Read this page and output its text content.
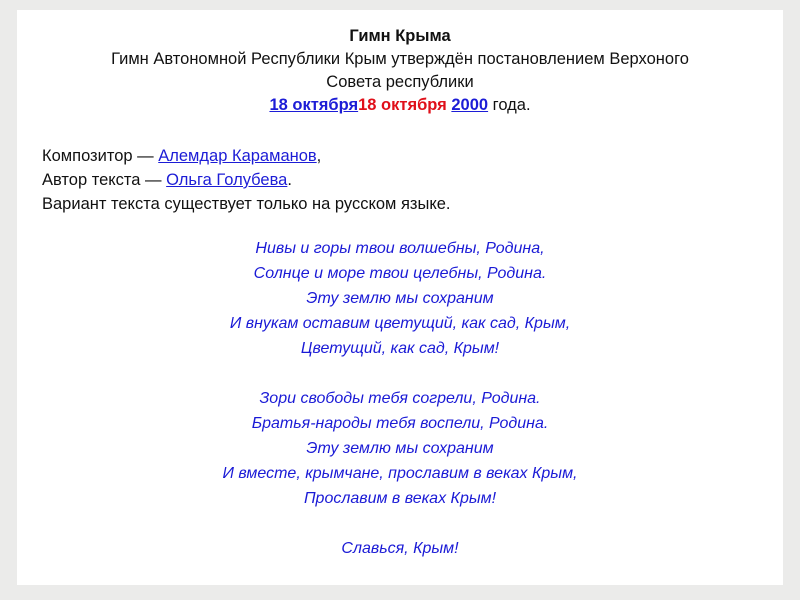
Гимн Крыма
Гимн Автономной Республики Крым утверждён постановлением Верхоного
Совета республики
18 октября18 октября 2000 года.
Композитор — Алемдар Караманов,
Автор текста — Ольга Голубева.
Вариант текста существует только на русском языке.
Нивы и горы твои волшебны, Родина,
Солнце и море твои целебны, Родина.
Эту землю мы сохраним
И внукам оставим цветущий, как сад, Крым,
Цветущий, как сад, Крым!
Зори свободы тебя согрели, Родина.
Братья-народы тебя воспели, Родина.
Эту землю мы сохраним
И вместе, крымчане, прославим в веках Крым,
Прославим в веках Крым!
Славься, Крым!
